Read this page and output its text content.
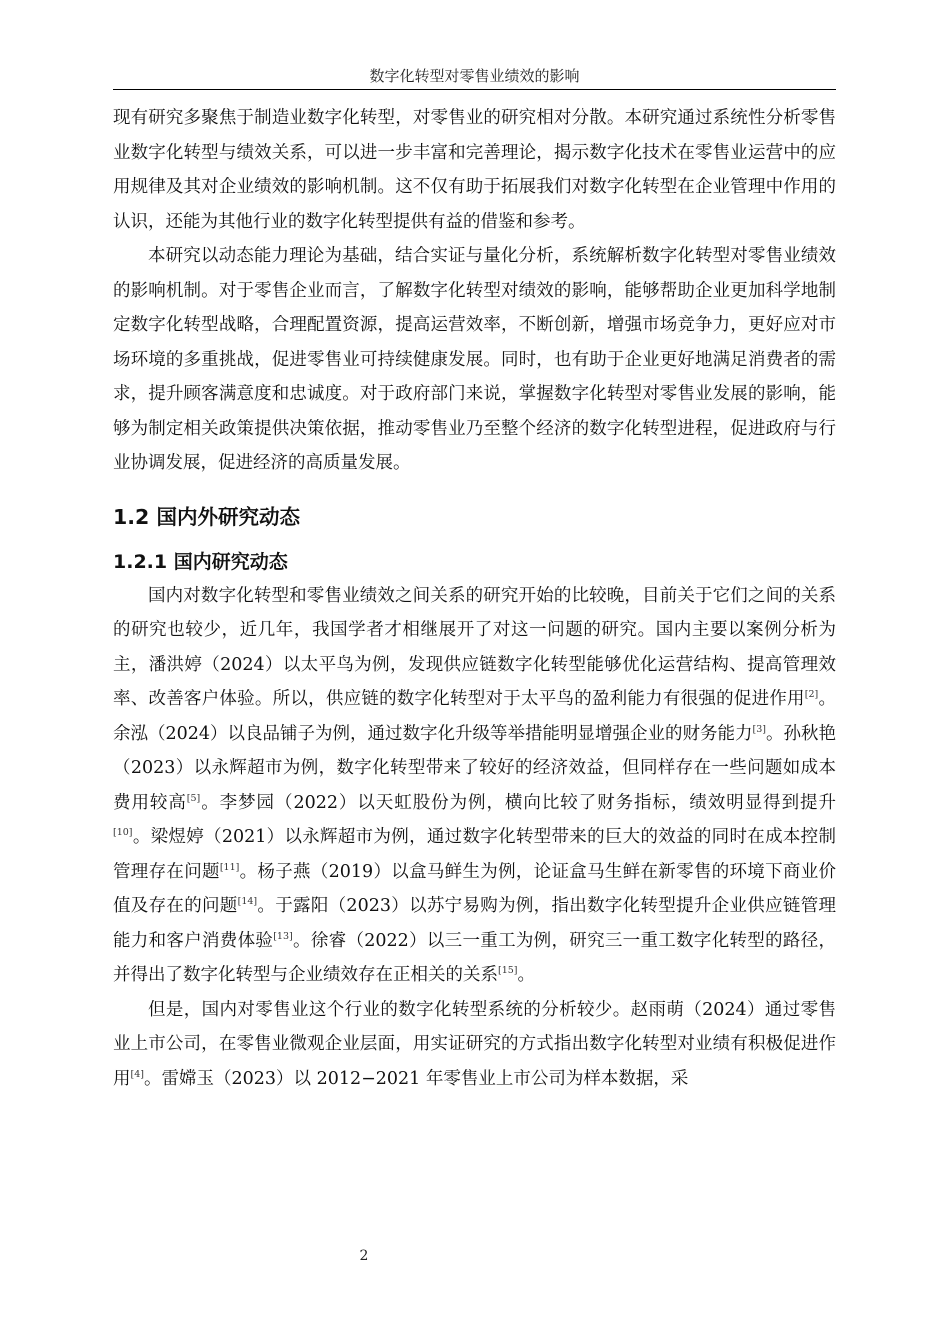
数字化转型对零售业绩效的影响

现有研究多聚焦于制造业数字化转型，对零售业的研究相对分散。本研究通过系统性分析零售业数字化转型与绩效关系，可以进一步丰富和完善理论，揭示数字化技术在零售业运营中的应用规律及其对企业绩效的影响机制。这不仅有助于拓展我们对数字化转型在企业管理中作用的认识，还能为其他行业的数字化转型提供有益的借鉴和参考。

本研究以动态能力理论为基础，结合实证与量化分析，系统解析数字化转型对零售业绩效的影响机制。对于零售企业而言，了解数字化转型对绩效的影响，能够帮助企业更加科学地制定数字化转型战略，合理配置资源，提高运营效率，不断创新，增强市场竞争力，更好应对市场环境的多重挑战，促进零售业可持续健康发展。同时，也有助于企业更好地满足消费者的需求，提升顾客满意度和忠诚度。对于政府部门来说，掌握数字化转型对零售业发展的影响，能够为制定相关政策提供决策依据，推动零售业乃至整个经济的数字化转型进程，促进政府与行业协调发展，促进经济的高质量发展。

1.2 国内外研究动态
1.2.1 国内研究动态

国内对数字化转型和零售业绩效之间关系的研究开始的比较晚，目前关于它们之间的关系的研究也较少，近几年，我国学者才相继展开了对这一问题的研究。国内主要以案例分析为主，潘洪婷（2024）以太平鸟为例，发现供应链数字化转型能够优化运营结构、提高管理效率、改善客户体验。所以，供应链的数字化转型对于太平鸟的盈利能力有很强的促进作用[2]。余泓（2024）以良品铺子为例，通过数字化升级等举措能明显增强企业的财务能力[3]。孙秋艳（2023）以永辉超市为例，数字化转型带来了较好的经济效益，但同样存在一些问题如成本费用较高[5]。李梦园（2022）以天虹股份为例，横向比较了财务指标，绩效明显得到提升[10]。梁煜婷（2021）以永辉超市为例，通过数字化转型带来的巨大的效益的同时在成本控制管理存在问题[11]。杨子燕（2019）以盒马鲜生为例，论证盒马生鲜在新零售的环境下商业价值及存在的问题[14]。于露阳（2023）以苏宁易购为例，指出数字化转型提升企业供应链管理能力和客户消费体验[13]。徐睿（2022）以三一重工为例，研究三一重工数字化转型的路径，并得出了数字化转型与企业绩效存在正相关的关系[15]。

但是，国内对零售业这个行业的数字化转型系统的分析较少。赵雨萌（2024）通过零售业上市公司，在零售业微观企业层面，用实证研究的方式指出数字化转型对业绩有积极促进作用[4]。雷嫦玉（2023）以 2012−2021 年零售业上市公司为样本数据，采

2
